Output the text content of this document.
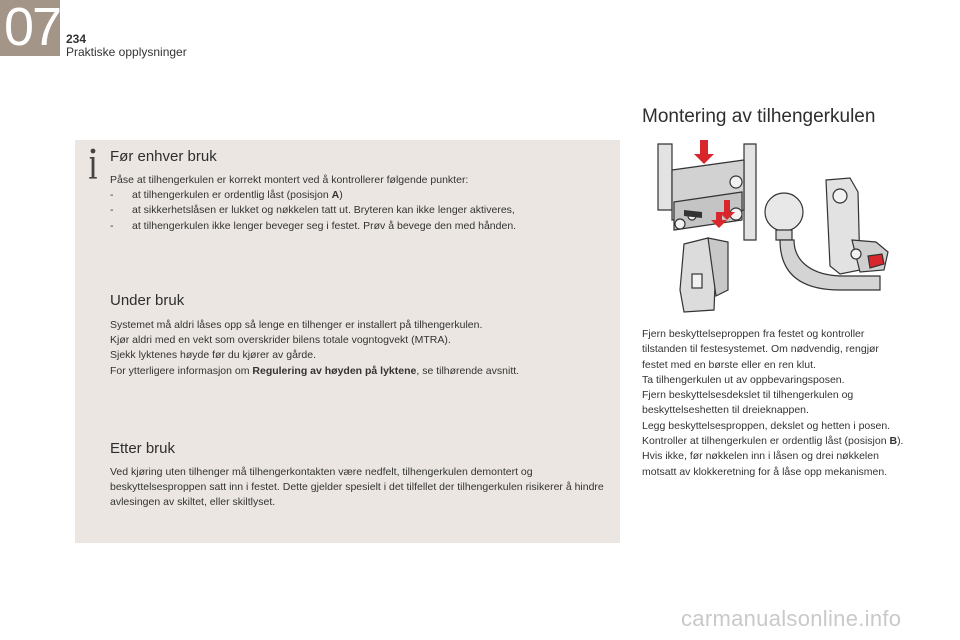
07 234
Praktiske opplysninger
Før enhver bruk
Påse at tilhengerkulen er korrekt montert ved å kontrollerer følgende punkter:
- at tilhengerkulen er ordentlig låst (posisjon A)
- at sikkerhetslåsen er lukket og nøkkelen tatt ut. Bryteren kan ikke lenger aktiveres,
- at tilhengerkulen ikke lenger beveger seg i festet. Prøv å bevege den med hånden.
Under bruk
Systemet må aldri låses opp så lenge en tilhenger er installert på tilhengerkulen.
Kjør aldri med en vekt som overskrider bilens totale vogntogvekt (MTRA).
Sjekk lyktenes høyde før du kjører av gårde.
For ytterligere informasjon om Regulering av høyden på lyktene, se tilhørende avsnitt.
Etter bruk
Ved kjøring uten tilhenger må tilhengerkontakten være nedfelt, tilhengerkulen demontert og beskyttelsesproppen satt inn i festet. Dette gjelder spesielt i det tilfellet der tilhengerkulen risikerer å hindre avlesingen av skiltet, eller skiltlyset.
Montering av tilhengerkulen
Fjern beskyttelseproppen fra festet og kontroller tilstanden til festesystemet. Om nødvendig, rengjør festet med en børste eller en ren klut.
Ta tilhengerkulen ut av oppbevaringsposen.
Fjern beskyttelsesdekslet til tilhengerkulen og beskyttelseshetten til dreieknappen.
Legg beskyttelsesproppen, dekslet og hetten i posen.
Kontroller at tilhengerkulen er ordentlig låst (posisjon B). Hvis ikke, før nøkkelen inn i låsen og drei nøkkelen motsatt av klokkeretning for å låse opp mekanismen.
carmanualsonline.info
